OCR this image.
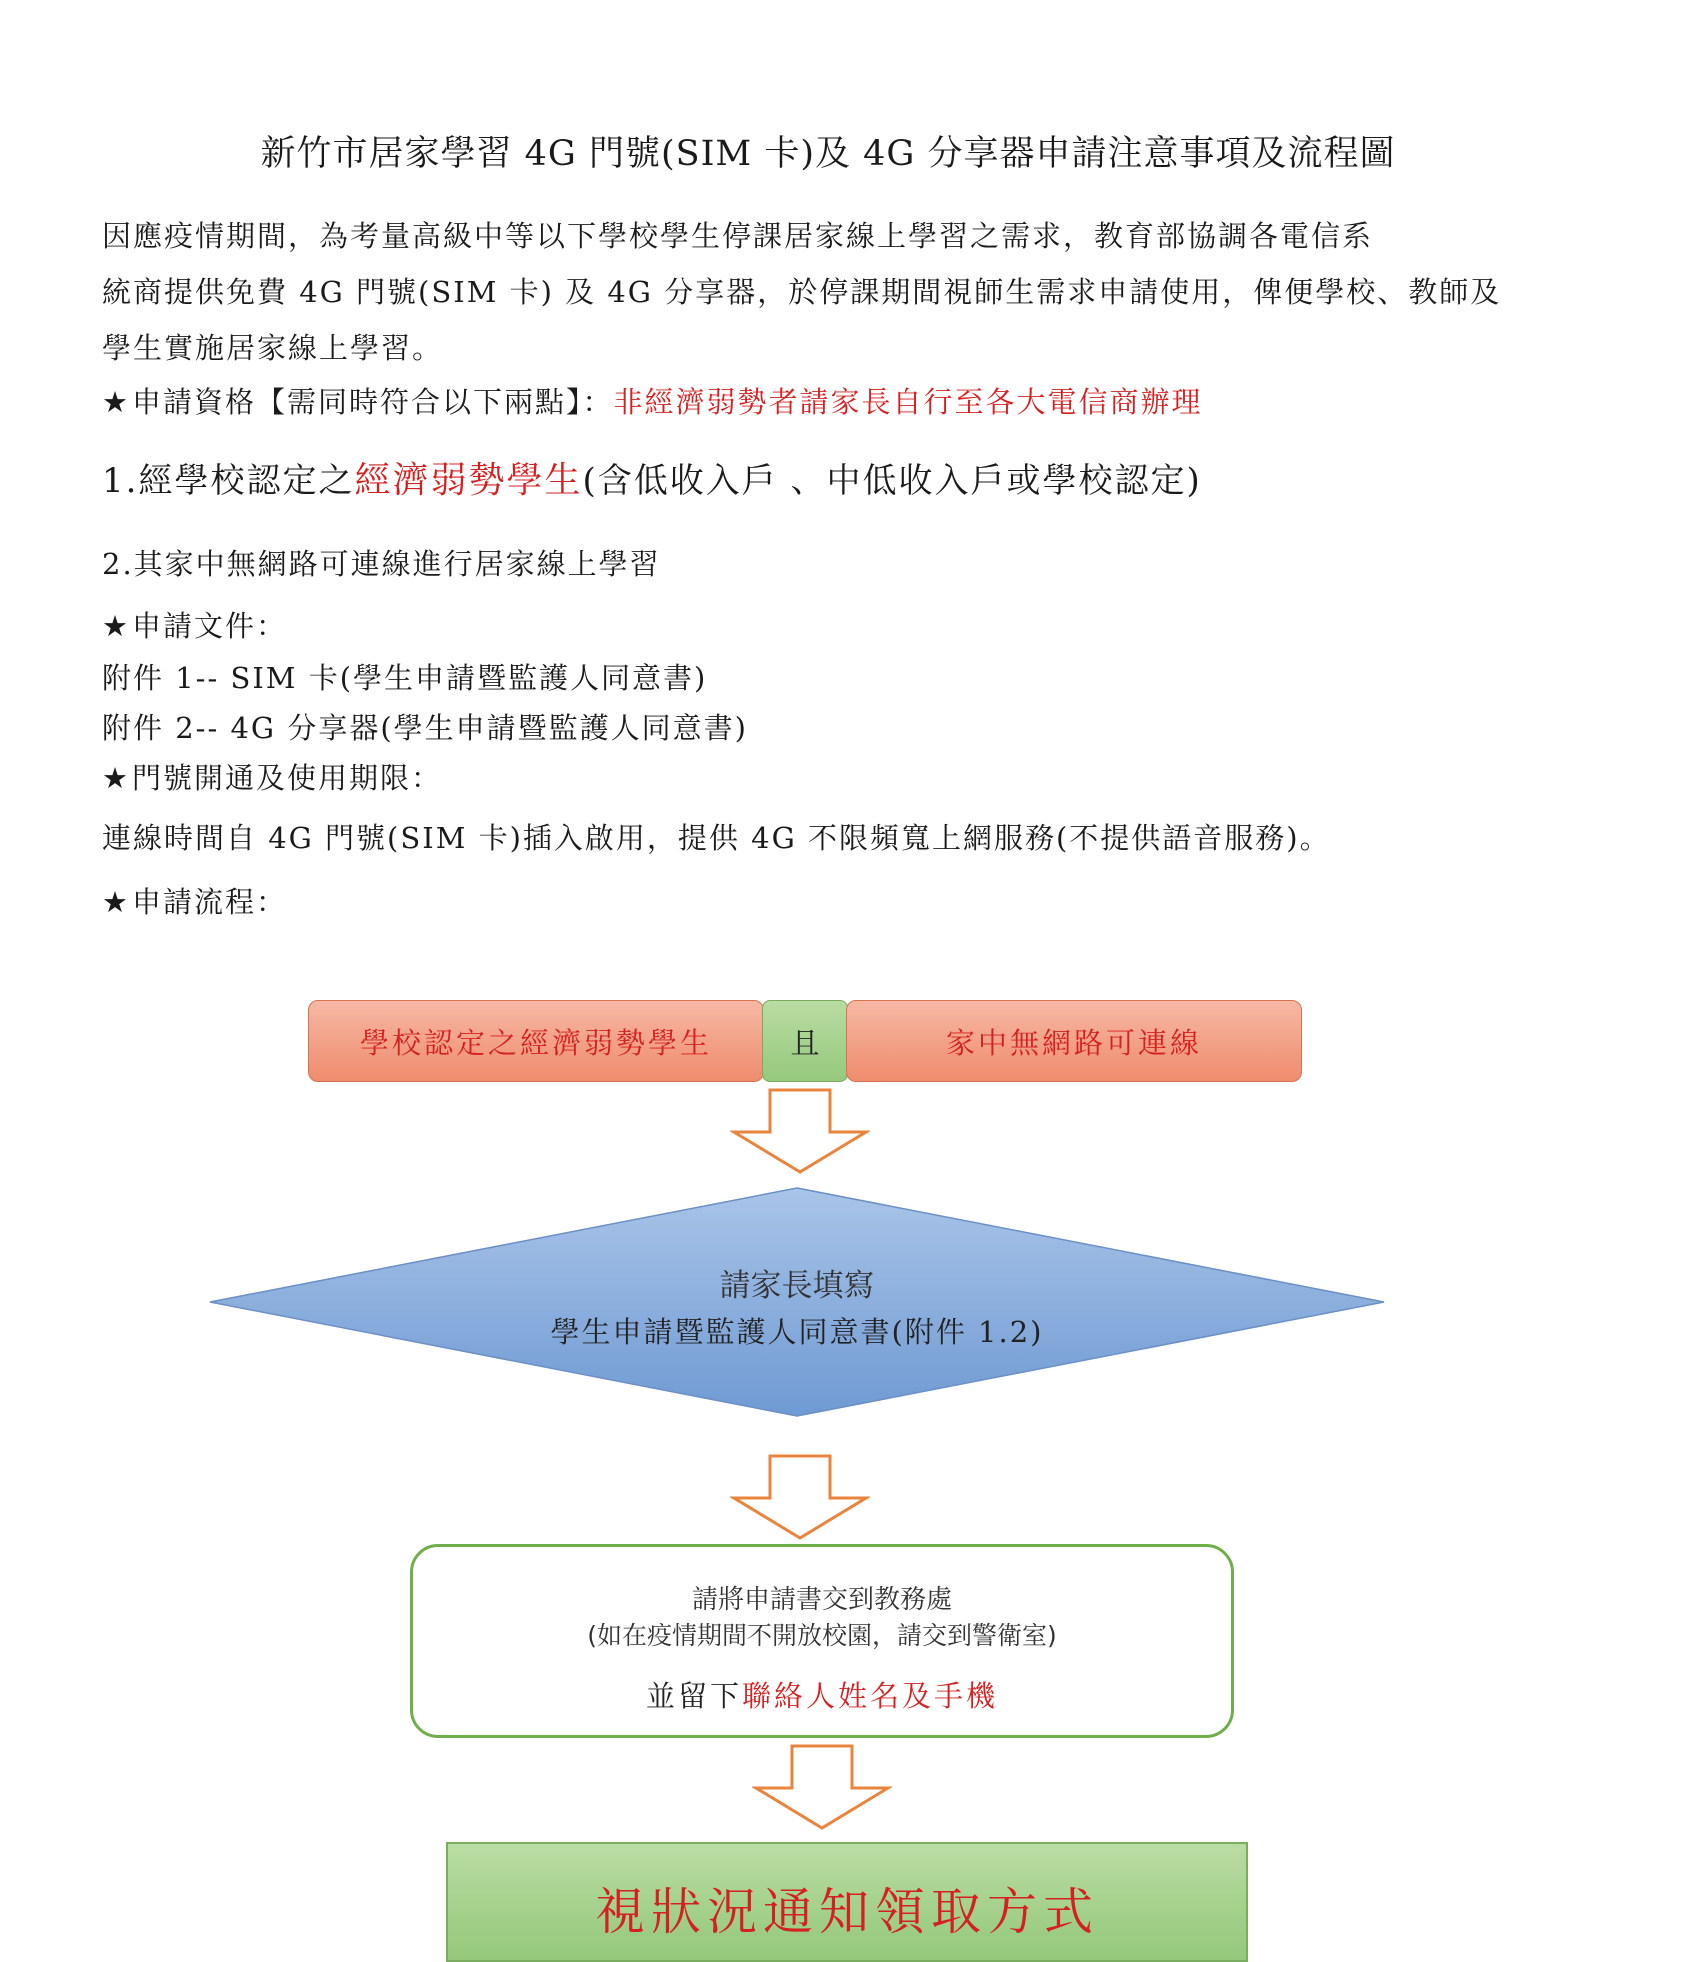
新竹市居家學習 4G 門號(SIM 卡)及 4G 分享器申請注意事項及流程圖
因應疫情期間，為考量高級中等以下學校學生停課居家線上學習之需求，教育部協調各電信系
統商提供免費 4G 門號(SIM 卡) 及 4G 分享器，於停課期間視師生需求申請使用，俾便學校、教師及
學生實施居家線上學習。
★申請資格【需同時符合以下兩點】：非經濟弱勢者請家長自行至各大電信商辦理
1.經學校認定之經濟弱勢學生(含低收入戶 、中低收入戶或學校認定)
2.其家中無網路可連線進行居家線上學習
★申請文件：
附件 1-- SIM 卡(學生申請暨監護人同意書)
附件 2-- 4G 分享器(學生申請暨監護人同意書)
★門號開通及使用期限：
連線時間自 4G 門號(SIM 卡)插入啟用，提供 4G 不限頻寬上網服務(不提供語音服務)。
★申請流程：
學校認定之經濟弱勢學生	且	家中無網路可連線
請家長填寫
學生申請暨監護人同意書(附件 1.2)
請將申請書交到教務處
(如在疫情期間不開放校園，請交到警衛室)
並留下聯絡人姓名及手機
視狀況通知領取方式
